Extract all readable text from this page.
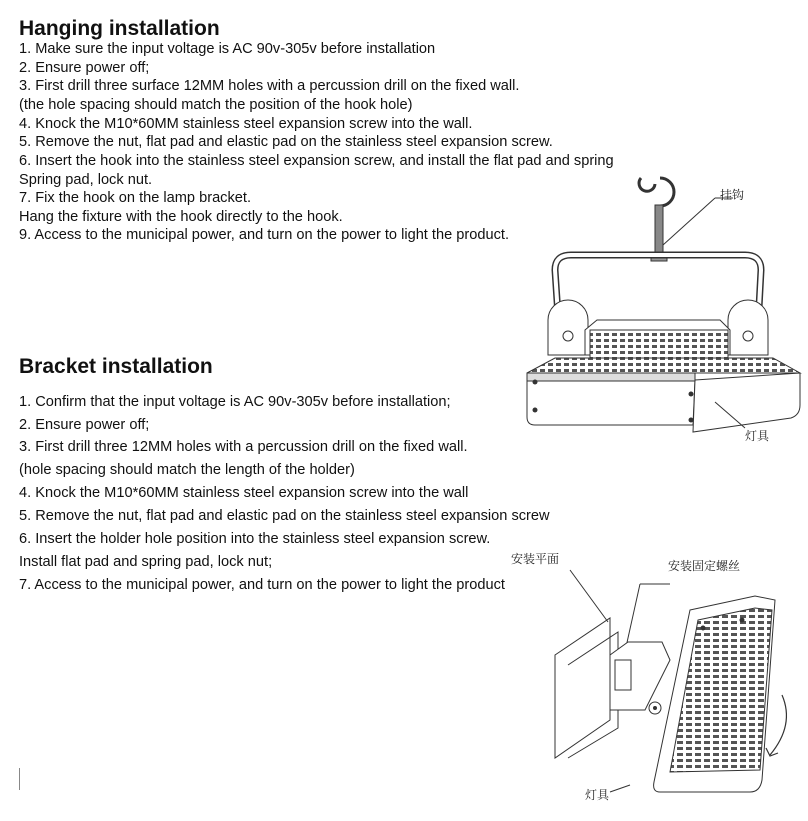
Hanging installation
1. Make sure the input voltage is AC 90v-305v before installation
2. Ensure power off;
3. First drill three surface 12MM holes with a percussion drill on the fixed wall.
(the hole spacing should match the position of the hook hole)
4. Knock the M10*60MM stainless steel expansion screw into the wall.
5. Remove the nut, flat pad and elastic pad on the stainless steel expansion screw.
6. Insert the hook into the stainless steel expansion screw, and install the flat pad and spring
Spring pad, lock nut.
7. Fix the hook on the lamp bracket.
Hang the fixture with the hook directly to the hook.
9. Access to the municipal power, and turn on the power to light the product.
Bracket installation
1. Confirm that the input voltage is AC 90v-305v before installation;
2. Ensure power off;
3. First drill three 12MM holes with a percussion drill on the fixed wall.
(hole spacing should match the length of the holder)
4. Knock the M10*60MM stainless steel expansion screw into the wall
5. Remove the nut, flat pad and elastic pad on the stainless steel expansion screw
6. Insert the holder hole position into the stainless steel expansion screw.
Install flat pad and spring pad, lock nut;
7. Access to the municipal power, and turn on the power to light the product
挂钩
灯具
安装平面	安装固定螺丝
灯具
